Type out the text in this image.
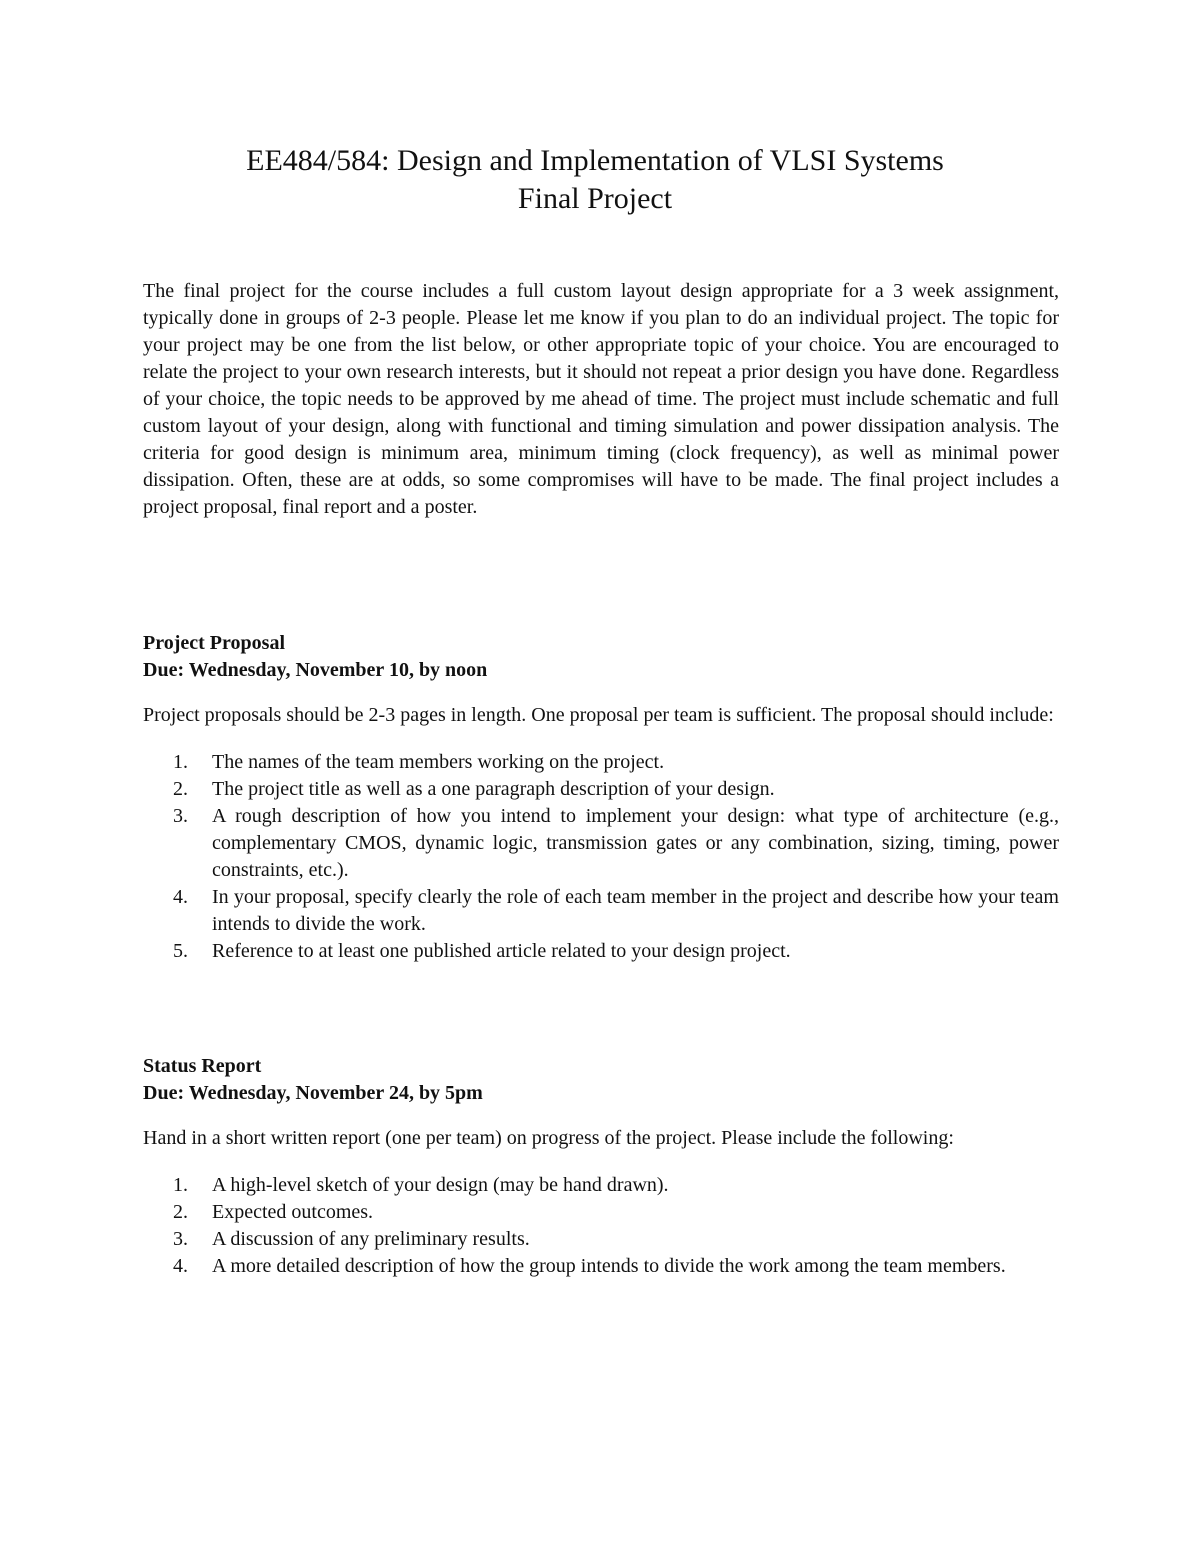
EE484/584: Design and Implementation of VLSI Systems
Final Project

The final project for the course includes a full custom layout design appropriate for a 3 week assignment, typically done in groups of 2-3 people. Please let me know if you plan to do an individual project. The topic for your project may be one from the list below, or other appropriate topic of your choice. You are encouraged to relate the project to your own research interests, but it should not repeat a prior design you have done. Regardless of your choice, the topic needs to be approved by me ahead of time. The project must include schematic and full custom layout of your design, along with functional and timing simulation and power dissipation analysis. The criteria for good design is minimum area, minimum timing (clock frequency), as well as minimal power dissipation. Often, these are at odds, so some compromises will have to be made. The final project includes a project proposal, final report and a poster.

Project Proposal
Due: Wednesday, November 10, by noon

Project proposals should be 2-3 pages in length. One proposal per team is sufficient. The proposal should include:

1. The names of the team members working on the project.
2. The project title as well as a one paragraph description of your design.
3. A rough description of how you intend to implement your design: what type of architecture (e.g., complementary CMOS, dynamic logic, transmission gates or any combination, sizing, timing, power constraints, etc.).
4. In your proposal, specify clearly the role of each team member in the project and describe how your team intends to divide the work.
5. Reference to at least one published article related to your design project.
Status Report
Due: Wednesday, November 24, by 5pm

Hand in a short written report (one per team) on progress of the project. Please include the following:

1. A high-level sketch of your design (may be hand drawn).
2. Expected outcomes.
3. A discussion of any preliminary results.
4. A more detailed description of how the group intends to divide the work among the team members.
